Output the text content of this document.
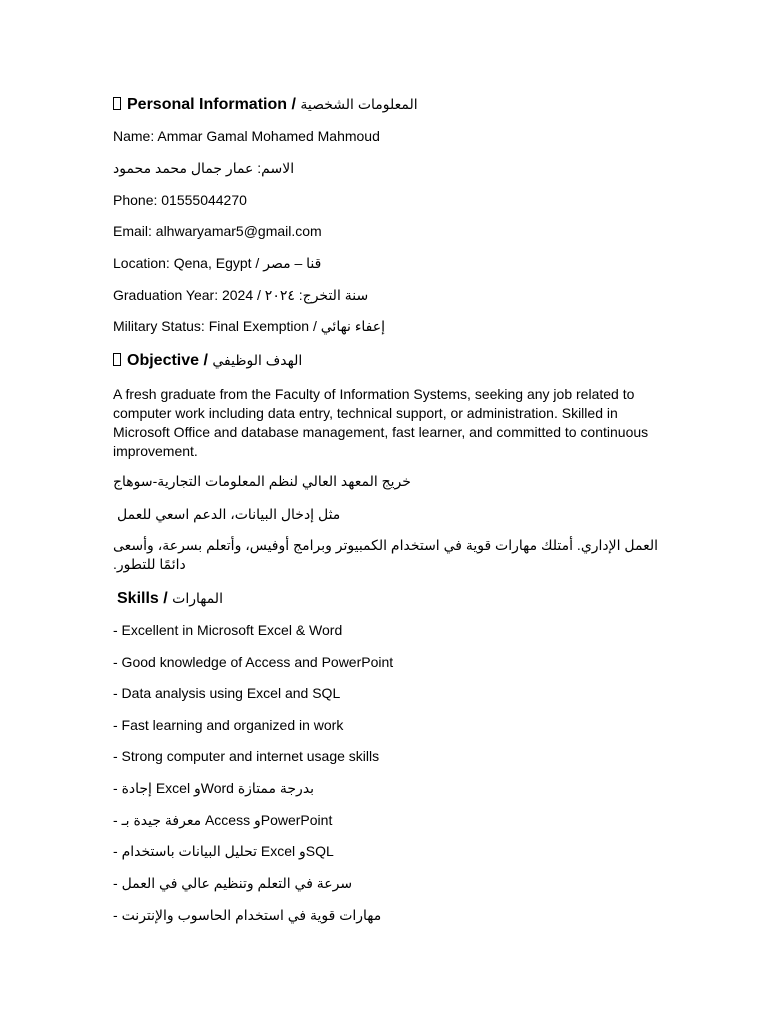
Personal Information / المعلومات الشخصية

Name: Ammar Gamal Mohamed Mahmoud

الاسم: عمار جمال محمد محمود

Phone: 01555044270

Email: alhwaryamar5@gmail.com

Location: Qena, Egypt / قنا – مصر

Graduation Year: 2024 / سنة التخرج: ٢٠٢٤

Military Status: Final Exemption / إعفاء نهائي

Objective / الهدف الوظيفي

A fresh graduate from the Faculty of Information Systems, seeking any job related to computer work including data entry, technical support, or administration. Skilled in Microsoft Office and database management, fast learner, and committed to continuous improvement.

خريج المعهد العالي لنظم المعلومات التجارية-سوهاج

مثل إدخال البيانات، الدعم اسعي للعمل

العمل الإداري. أمتلك مهارات قوية في استخدام الكمبيوتر وبرامج أوفيس، وأتعلم بسرعة، وأسعى دائمًا للتطور.

Skills / المهارات

- Excellent in Microsoft Excel & Word

- Good knowledge of Access and PowerPoint

- Data analysis using Excel and SQL

- Fast learning and organized in work

- Strong computer and internet usage skills

- إجادة Excel وWord بدرجة ممتازة

- معرفة جيدة بـ Access وPowerPoint

- تحليل البيانات باستخدام Excel وSQL

- سرعة في التعلم وتنظيم عالي في العمل

- مهارات قوية في استخدام الحاسوب والإنترنت
